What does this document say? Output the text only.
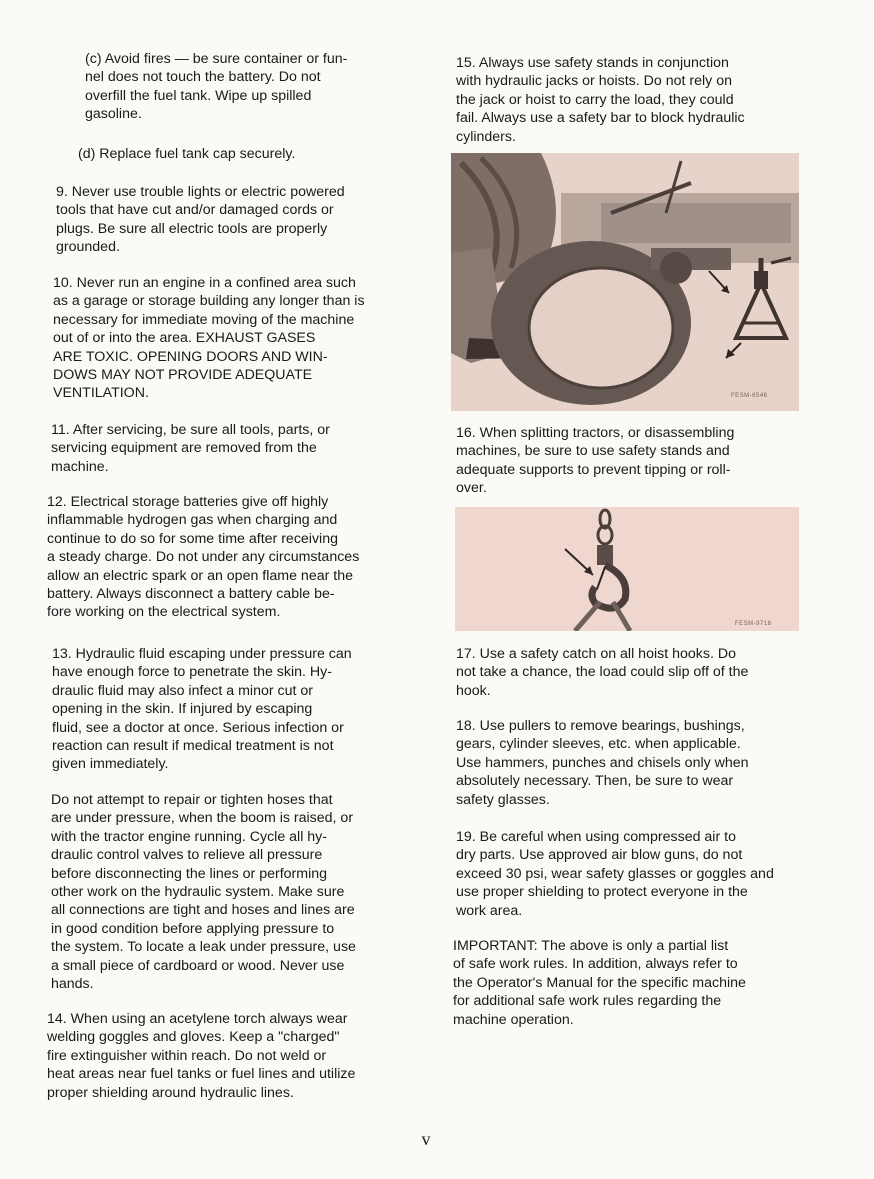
(c) Avoid fires — be sure container or fun-
nel does not touch the battery. Do not
overfill the fuel tank. Wipe up spilled
gasoline.

(d) Replace fuel tank cap securely.

9. Never use trouble lights or electric powered
tools that have cut and/or damaged cords or
plugs. Be sure all electric tools are properly
grounded.

10. Never run an engine in a confined area such
as a garage or storage building any longer than is
necessary for immediate moving of the machine
out of or into the area. EXHAUST GASES
ARE TOXIC. OPENING DOORS AND WIN-
DOWS MAY NOT PROVIDE ADEQUATE
VENTILATION.

11. After servicing, be sure all tools, parts, or
servicing equipment are removed from the
machine.

12. Electrical storage batteries give off highly
inflammable hydrogen gas when charging and
continue to do so for some time after receiving
a steady charge. Do not under any circumstances
allow an electric spark or an open flame near the
battery. Always disconnect a battery cable be-
fore working on the electrical system.

13. Hydraulic fluid escaping under pressure can
have enough force to penetrate the skin. Hy-
draulic fluid may also infect a minor cut or
opening in the skin. If injured by escaping
fluid, see a doctor at once. Serious infection or
reaction can result if medical treatment is not
given immediately.

Do not attempt to repair or tighten hoses that
are under pressure, when the boom is raised, or
with the tractor engine running. Cycle all hy-
draulic control valves to relieve all pressure
before disconnecting the lines or performing
other work on the hydraulic system. Make sure
all connections are tight and hoses and lines are
in good condition before applying pressure to
the system. To locate a leak under pressure, use
a small piece of cardboard or wood. Never use
hands.

14. When using an acetylene torch always wear
welding goggles and gloves. Keep a "charged"
fire extinguisher within reach. Do not weld or
heat areas near fuel tanks or fuel lines and utilize
proper shielding around hydraulic lines.

15. Always use safety stands in conjunction
with hydraulic jacks or hoists. Do not rely on
the jack or hoist to carry the load, they could
fail. Always use a safety bar to block hydraulic
cylinders.

16. When splitting tractors, or disassembling
machines, be sure to use safety stands and
adequate supports to prevent tipping or roll-
over.

17. Use a safety catch on all hoist hooks. Do
not take a chance, the load could slip off of the
hook.

18. Use pullers to remove bearings, bushings,
gears, cylinder sleeves, etc. when applicable.
Use hammers, punches and chisels only when
absolutely necessary. Then, be sure to wear
safety glasses.

19. Be careful when using compressed air to
dry parts. Use approved air blow guns, do not
exceed 30 psi, wear safety glasses or goggles and
use proper shielding to protect everyone in the
work area.

IMPORTANT: The above is only a partial list
of safe work rules. In addition, always refer to
the Operator's Manual for the specific machine
for additional safe work rules regarding the
machine operation.

FESM-6546
FESM-9718
v
